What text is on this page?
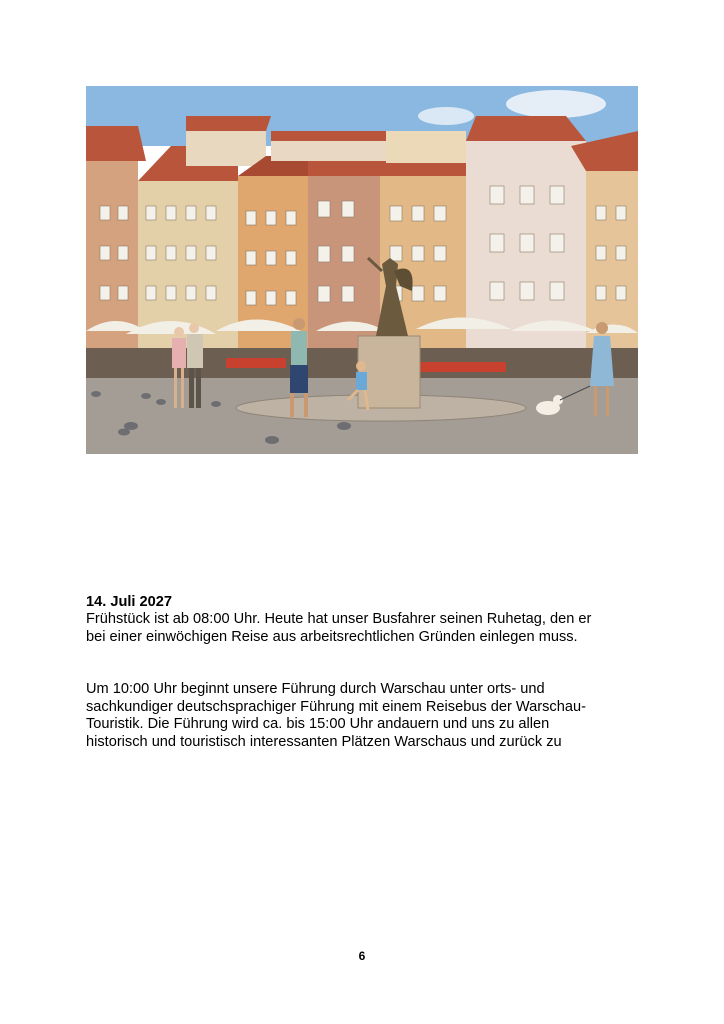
14. Juli 2027
Frühstück ist ab 08:00 Uhr. Heute hat unser Busfahrer seinen Ruhetag, den er
bei einer einwöchigen Reise aus arbeitsrechtlichen Gründen einlegen muss.
Um 10:00 Uhr beginnt unsere Führung durch Warschau unter orts- und
sachkundiger deutschsprachiger Führung mit einem Reisebus der Warschau-
Touristik. Die Führung wird ca. bis 15:00 Uhr andauern und uns zu allen
historisch und touristisch interessanten Plätzen Warschaus und zurück zu
6
